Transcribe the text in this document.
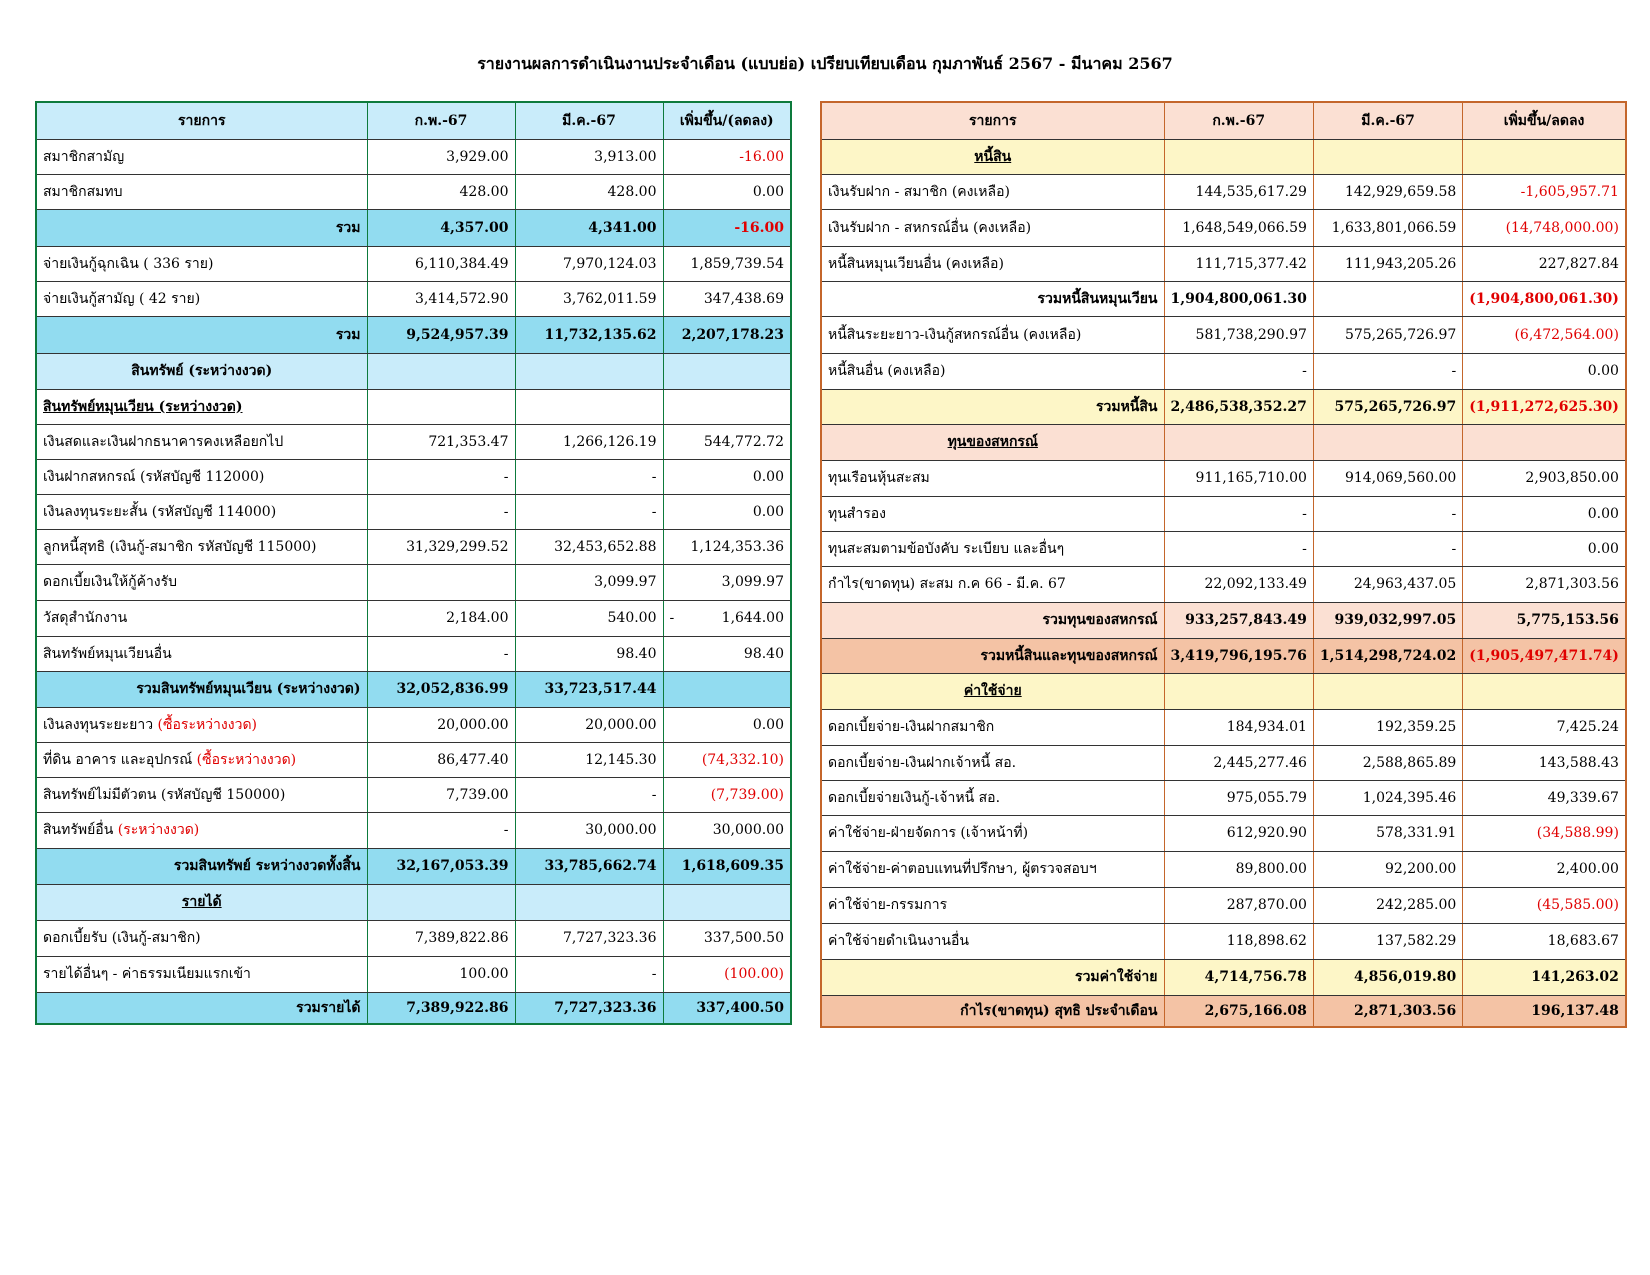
รายงานผลการดำเนินงานประจำเดือน (แบบย่อ) เปรียบเทียบเดือน กุมภาพันธ์ 2567 - มีนาคม 2567
รายการ	ก.พ.-67	มี.ค.-67	เพิ่มขึ้น/(ลดลง)
สมาชิกสามัญ	3,929.00	3,913.00	-16.00
สมาชิกสมทบ	428.00	428.00	0.00
รวม	4,357.00	4,341.00	-16.00
จ่ายเงินกู้ฉุกเฉิน ( 336 ราย)	6,110,384.49	7,970,124.03	1,859,739.54
จ่ายเงินกู้สามัญ ( 42 ราย)	3,414,572.90	3,762,011.59	347,438.69
รวม	9,524,957.39	11,732,135.62	2,207,178.23
สินทรัพย์ (ระหว่างงวด)			
สินทรัพย์หมุนเวียน (ระหว่างงวด)			
เงินสดและเงินฝากธนาคารคงเหลือยกไป	721,353.47	1,266,126.19	544,772.72
เงินฝากสหกรณ์ (รหัสบัญชี 112000)	-	-	0.00
เงินลงทุนระยะสั้น (รหัสบัญชี 114000)	-	-	0.00
ลูกหนี้สุทธิ (เงินกู้-สมาชิก รหัสบัญชี 115000)	31,329,299.52	32,453,652.88	1,124,353.36
ดอกเบี้ยเงินให้กู้ค้างรับ		3,099.97	3,099.97
วัสดุสำนักงาน	2,184.00	540.00	- 1,644.00
สินทรัพย์หมุนเวียนอื่น	-	98.40	98.40
รวมสินทรัพย์หมุนเวียน (ระหว่างงวด)	32,052,836.99	33,723,517.44	
เงินลงทุนระยะยาว (ซื้อระหว่างงวด)	20,000.00	20,000.00	0.00
ที่ดิน อาคาร และอุปกรณ์ (ซื้อระหว่างงวด)	86,477.40	12,145.30	(74,332.10)
สินทรัพย์ไม่มีตัวตน (รหัสบัญชี 150000)	7,739.00	-	(7,739.00)
สินทรัพย์อื่น (ระหว่างงวด)	-	30,000.00	30,000.00
รวมสินทรัพย์ ระหว่างงวดทั้งสิ้น	32,167,053.39	33,785,662.74	1,618,609.35
รายได้			
ดอกเบี้ยรับ (เงินกู้-สมาชิก)	7,389,822.86	7,727,323.36	337,500.50
รายได้อื่นๆ - ค่าธรรมเนียมแรกเข้า	100.00	-	(100.00)
รวมรายได้	7,389,922.86	7,727,323.36	337,400.50
รายการ	ก.พ.-67	มี.ค.-67	เพิ่มขึ้น/ลดลง
หนี้สิน			
เงินรับฝาก - สมาชิก (คงเหลือ)	144,535,617.29	142,929,659.58	-1,605,957.71
เงินรับฝาก - สหกรณ์อื่น (คงเหลือ)	1,648,549,066.59	1,633,801,066.59	(14,748,000.00)
หนี้สินหมุนเวียนอื่น (คงเหลือ)	111,715,377.42	111,943,205.26	227,827.84
รวมหนี้สินหมุนเวียน	1,904,800,061.30		(1,904,800,061.30)
หนี้สินระยะยาว-เงินกู้สหกรณ์อื่น (คงเหลือ)	581,738,290.97	575,265,726.97	(6,472,564.00)
หนี้สินอื่น (คงเหลือ)	-	-	0.00
รวมหนี้สิน	2,486,538,352.27	575,265,726.97	(1,911,272,625.30)
ทุนของสหกรณ์			
ทุนเรือนหุ้นสะสม	911,165,710.00	914,069,560.00	2,903,850.00
ทุนสำรอง	-	-	0.00
ทุนสะสมตามข้อบังคับ ระเบียบ และอื่นๆ	-	-	0.00
กำไร(ขาดทุน) สะสม ก.ค 66 - มี.ค. 67	22,092,133.49	24,963,437.05	2,871,303.56
รวมทุนของสหกรณ์	933,257,843.49	939,032,997.05	5,775,153.56
รวมหนี้สินและทุนของสหกรณ์	3,419,796,195.76	1,514,298,724.02	(1,905,497,471.74)
ค่าใช้จ่าย			
ดอกเบี้ยจ่าย-เงินฝากสมาชิก	184,934.01	192,359.25	7,425.24
ดอกเบี้ยจ่าย-เงินฝากเจ้าหนี้ สอ.	2,445,277.46	2,588,865.89	143,588.43
ดอกเบี้ยจ่ายเงินกู้-เจ้าหนี้ สอ.	975,055.79	1,024,395.46	49,339.67
ค่าใช้จ่าย-ฝ่ายจัดการ (เจ้าหน้าที่)	612,920.90	578,331.91	(34,588.99)
ค่าใช้จ่าย-ค่าตอบแทนที่ปรึกษา, ผู้ตรวจสอบฯ	89,800.00	92,200.00	2,400.00
ค่าใช้จ่าย-กรรมการ	287,870.00	242,285.00	(45,585.00)
ค่าใช้จ่ายดำเนินงานอื่น	118,898.62	137,582.29	18,683.67
รวมค่าใช้จ่าย	4,714,756.78	4,856,019.80	141,263.02
กำไร(ขาดทุน) สุทธิ ประจำเดือน	2,675,166.08	2,871,303.56	196,137.48
